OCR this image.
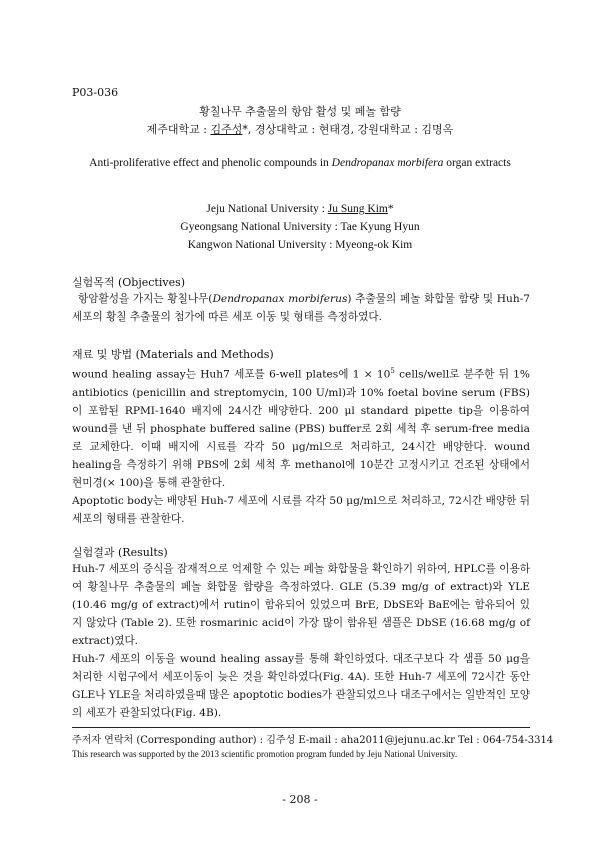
P03-036
황칠나무 추출물의 항암 활성 및 페놀 함량
제주대학교 : 김주성*, 경상대학교 : 현태경, 강원대학교 : 김명옥
Anti-proliferative effect and phenolic compounds in Dendropanax morbifera organ extracts
Jeju National University : Ju Sung Kim*
Gyeongsang National University : Tae Kyung Hyun
Kangwon National University : Myeong-ok Kim
실험목적 (Objectives)

항암활성을 가지는 황칠나무(Dendropanax morbiferus) 추출물의 페놀 화합물 함량 및 Huh-7 세포의 황칠 추출물의 첨가에 따른 세포 이동 및 형태를 측정하였다.

재료 및 방법 (Materials and Methods)

wound healing assay는 Huh7 세포를 6-well plates에 $1 \times 10^5$ cells/well로 분주한 뒤 1% antibiotics (penicillin and streptomycin, 100 U/ml)과 10% foetal bovine serum (FBS)이 포함된 RPMI-1640 배지에 24시간 배양한다. 200 μl standard pipette tip을 이용하여 wound를 낸 뒤 phosphate buffered saline (PBS) buffer로 2회 세척 후 serum-free media로 교체한다. 이때 배지에 시료를 각각 50 μg/ml으로 처리하고, 24시간 배양한다. wound healing을 측정하기 위해 PBS에 2회 세척 후 methanol에 10분간 고정시키고 건조된 상태에서 현미경(× 100)을 통해 관찰한다.

Apoptotic body는 배양된 Huh-7 세포에 시료를 각각 50 μg/ml으로 처리하고, 72시간 배양한 뒤 세포의 형태를 관찰한다.

실험결과 (Results)

Huh-7 세포의 증식을 잠재적으로 억제할 수 있는 페놀 화합물을 확인하기 위하여, HPLC를 이용하여 황칠나무 추출물의 페놀 화합물 함량을 측정하였다. GLE (5.39 mg/g of extract)와 YLE (10.46 mg/g of extract)에서 rutin이 함유되어 있었으며 BrE, DbSE와 BaE에는 함유되어 있지 않았다 (Table 2). 또한 rosmarinic acid이 가장 많이 함유된 샘플은 DbSE (16.68 mg/g of extract)였다.

Huh-7 세포의 이동을 wound healing assay를 통해 확인하였다. 대조구보다 각 샘플 50 μg을 처리한 시험구에서 세포이동이 늦은 것을 확인하였다(Fig. 4A). 또한 Huh-7 세포에 72시간 동안 GLE나 YLE을 처리하였을때 많은 apoptotic bodies가 관찰되었으나 대조구에서는 일반적인 모양의 세포가 관찰되었다(Fig. 4B).

주저자 연락처 (Corresponding author) : 김주성 E-mail : aha2011@jejunu.ac.kr Tel : 064-754-3314
This research was supported by the 2013 scientific promotion program funded by Jeju National University.
- 208 -
